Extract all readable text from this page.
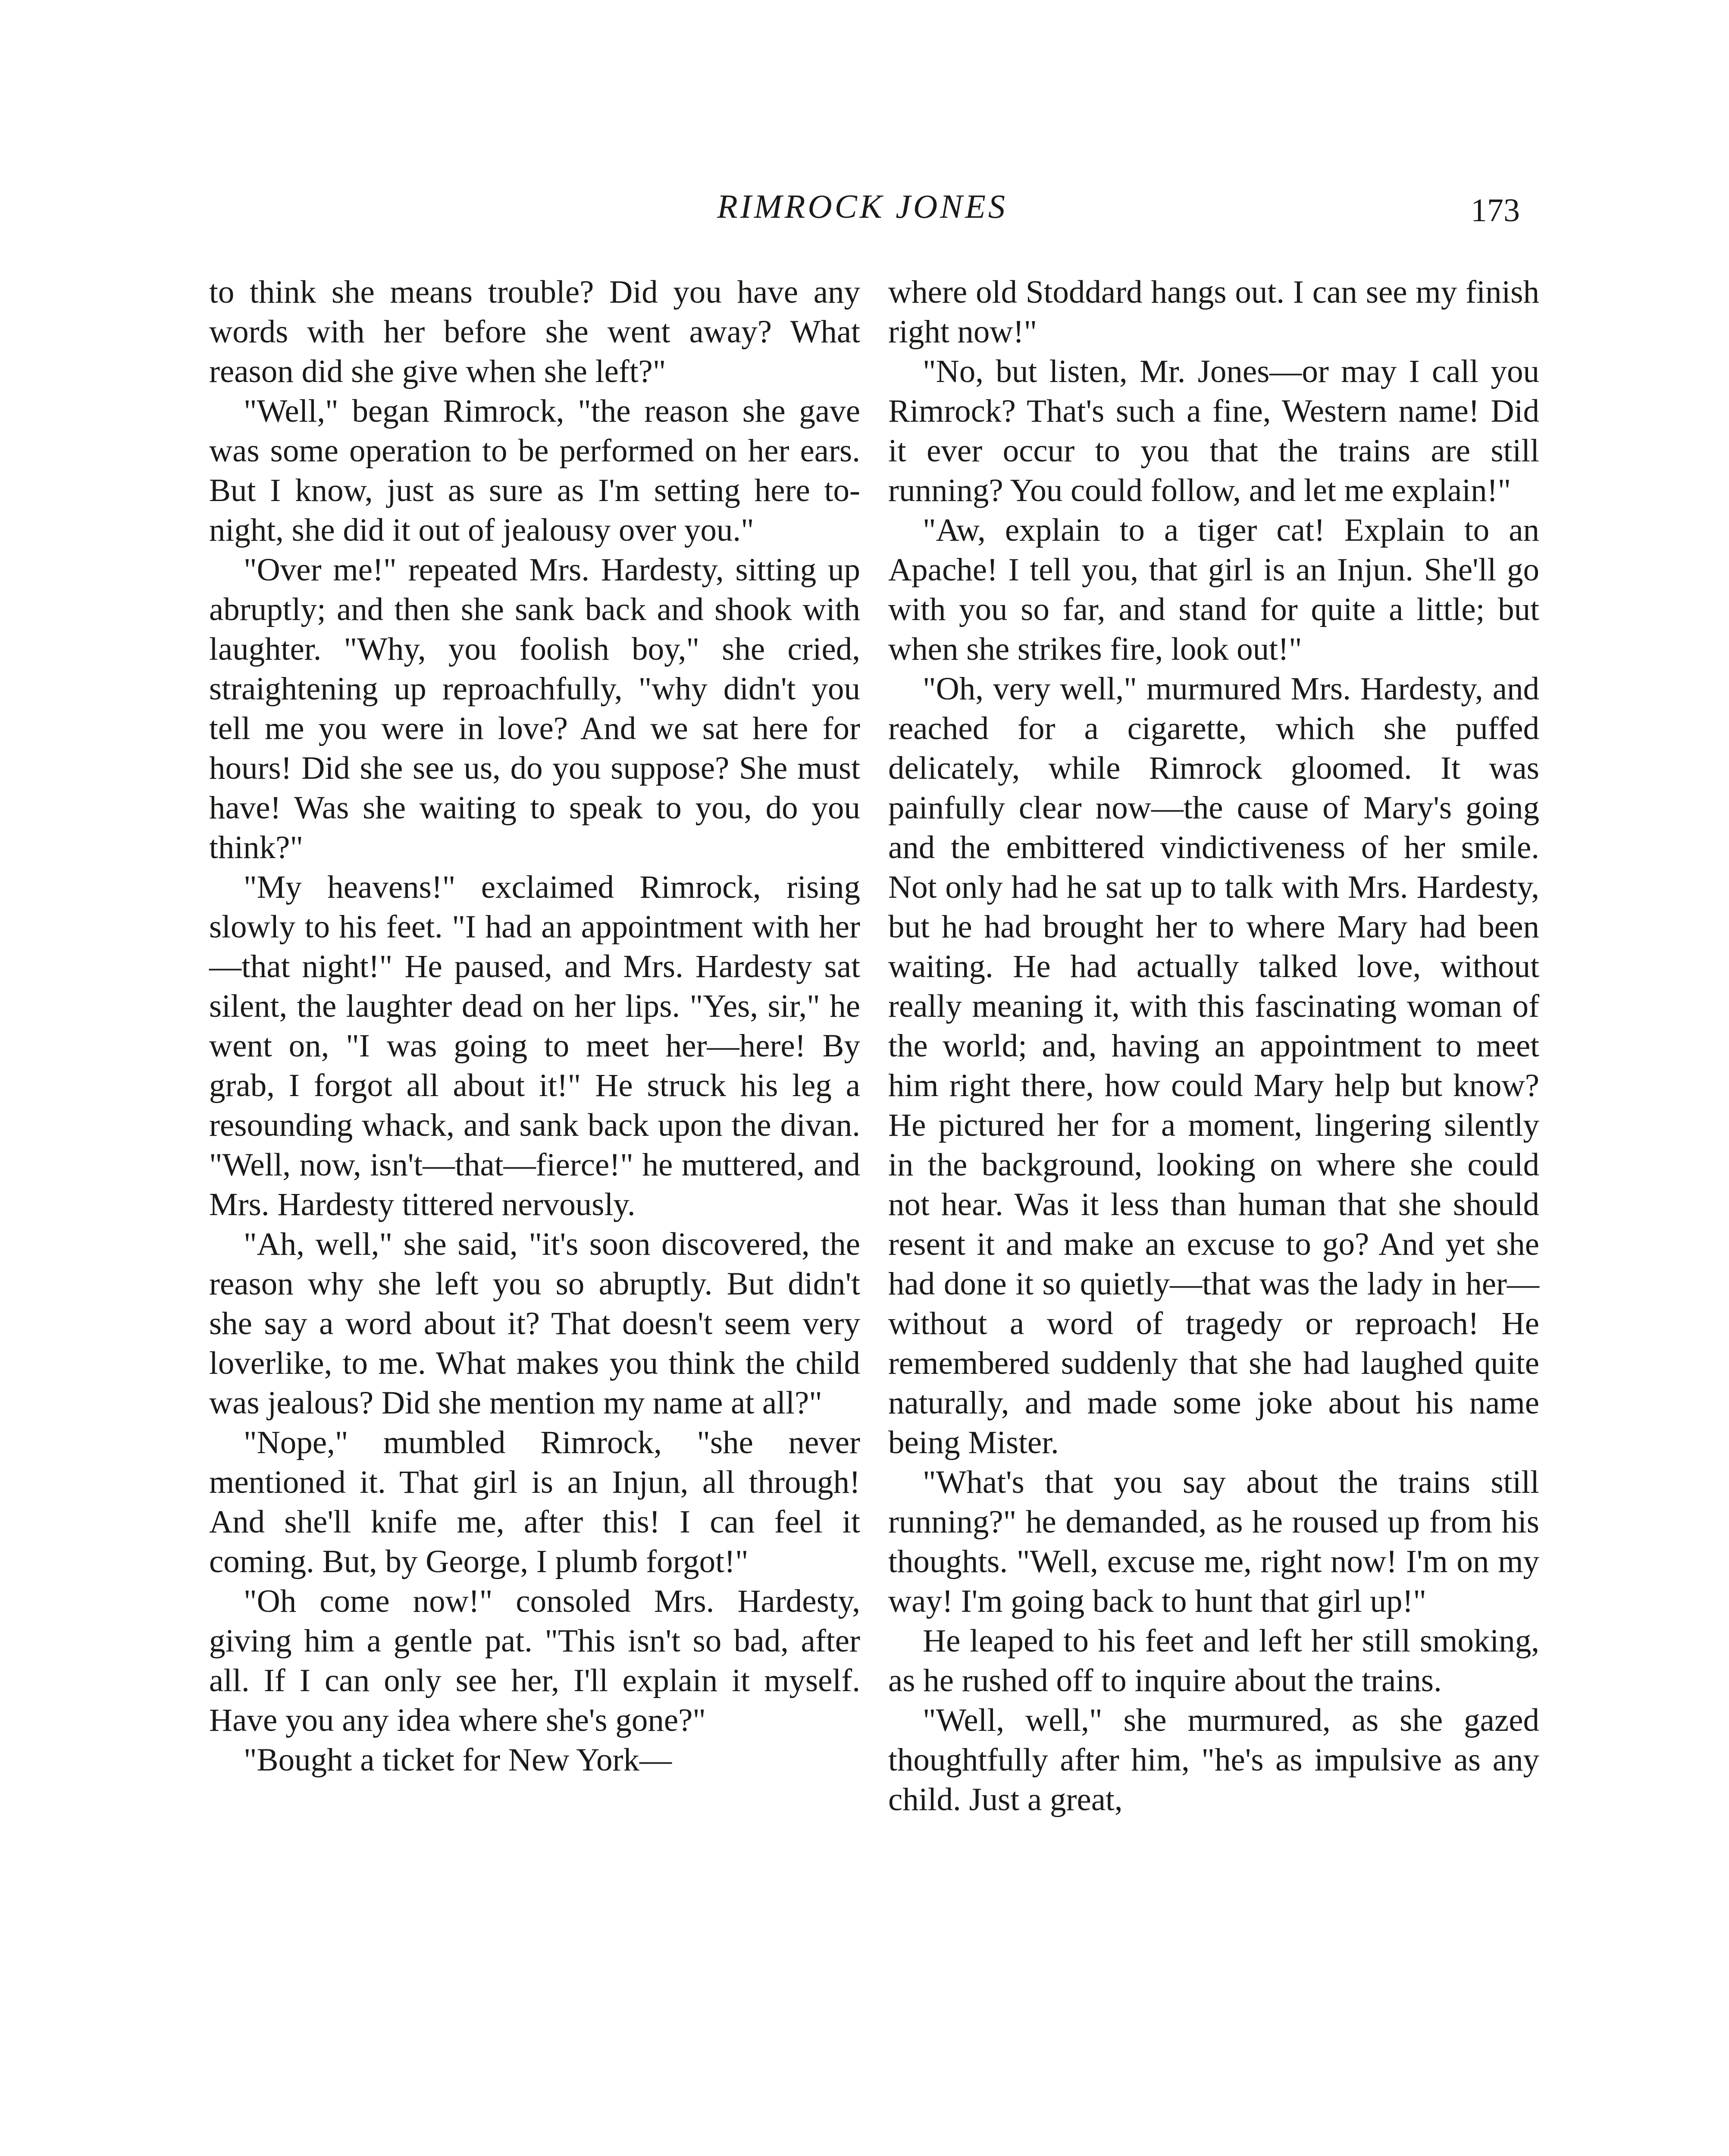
RIMROCK JONES	173

to think she means trouble? Did you have any words with her before she went away? What reason did she give when she left?"

"Well," began Rimrock, "the reason she gave was some operation to be performed on her ears. But I know, just as sure as I'm setting here to-night, she did it out of jealousy over you."

"Over me!" repeated Mrs. Hardesty, sitting up abruptly; and then she sank back and shook with laughter. "Why, you foolish boy," she cried, straightening up reproachfully, "why didn't you tell me you were in love? And we sat here for hours! Did she see us, do you suppose? She must have! Was she waiting to speak to you, do you think?"

"My heavens!" exclaimed Rimrock, rising slowly to his feet. "I had an appointment with her—that night!" He paused, and Mrs. Hardesty sat silent, the laughter dead on her lips. "Yes, sir," he went on, "I was going to meet her—here! By grab, I forgot all about it!" He struck his leg a resounding whack, and sank back upon the divan. "Well, now, isn't—that—fierce!" he muttered, and Mrs. Hardesty tittered nervously.

"Ah, well," she said, "it's soon discovered, the reason why she left you so abruptly. But didn't she say a word about it? That doesn't seem very loverlike, to me. What makes you think the child was jealous? Did she mention my name at all?"

"Nope," mumbled Rimrock, "she never mentioned it. That girl is an Injun, all through! And she'll knife me, after this! I can feel it coming. But, by George, I plumb forgot!"

"Oh come now!" consoled Mrs. Hardesty, giving him a gentle pat. "This isn't so bad, after all. If I can only see her, I'll explain it myself. Have you any idea where she's gone?"

"Bought a ticket for New York—

where old Stoddard hangs out. I can see my finish right now!"

"No, but listen, Mr. Jones—or may I call you Rimrock? That's such a fine, Western name! Did it ever occur to you that the trains are still running? You could follow, and let me explain!"

"Aw, explain to a tiger cat! Explain to an Apache! I tell you, that girl is an Injun. She'll go with you so far, and stand for quite a little; but when she strikes fire, look out!"

"Oh, very well," murmured Mrs. Hardesty, and reached for a cigarette, which she puffed delicately, while Rimrock gloomed. It was painfully clear now—the cause of Mary's going and the embittered vindictiveness of her smile. Not only had he sat up to talk with Mrs. Hardesty, but he had brought her to where Mary had been waiting. He had actually talked love, without really meaning it, with this fascinating woman of the world; and, having an appointment to meet him right there, how could Mary help but know? He pictured her for a moment, lingering silently in the background, looking on where she could not hear. Was it less than human that she should resent it and make an excuse to go? And yet she had done it so quietly—that was the lady in her—without a word of tragedy or reproach! He remembered suddenly that she had laughed quite naturally, and made some joke about his name being Mister.

"What's that you say about the trains still running?" he demanded, as he roused up from his thoughts. "Well, excuse me, right now! I'm on my way! I'm going back to hunt that girl up!"

He leaped to his feet and left her still smoking, as he rushed off to inquire about the trains.

"Well, well," she murmured, as she gazed thoughtfully after him, "he's as impulsive as any child. Just a great,
